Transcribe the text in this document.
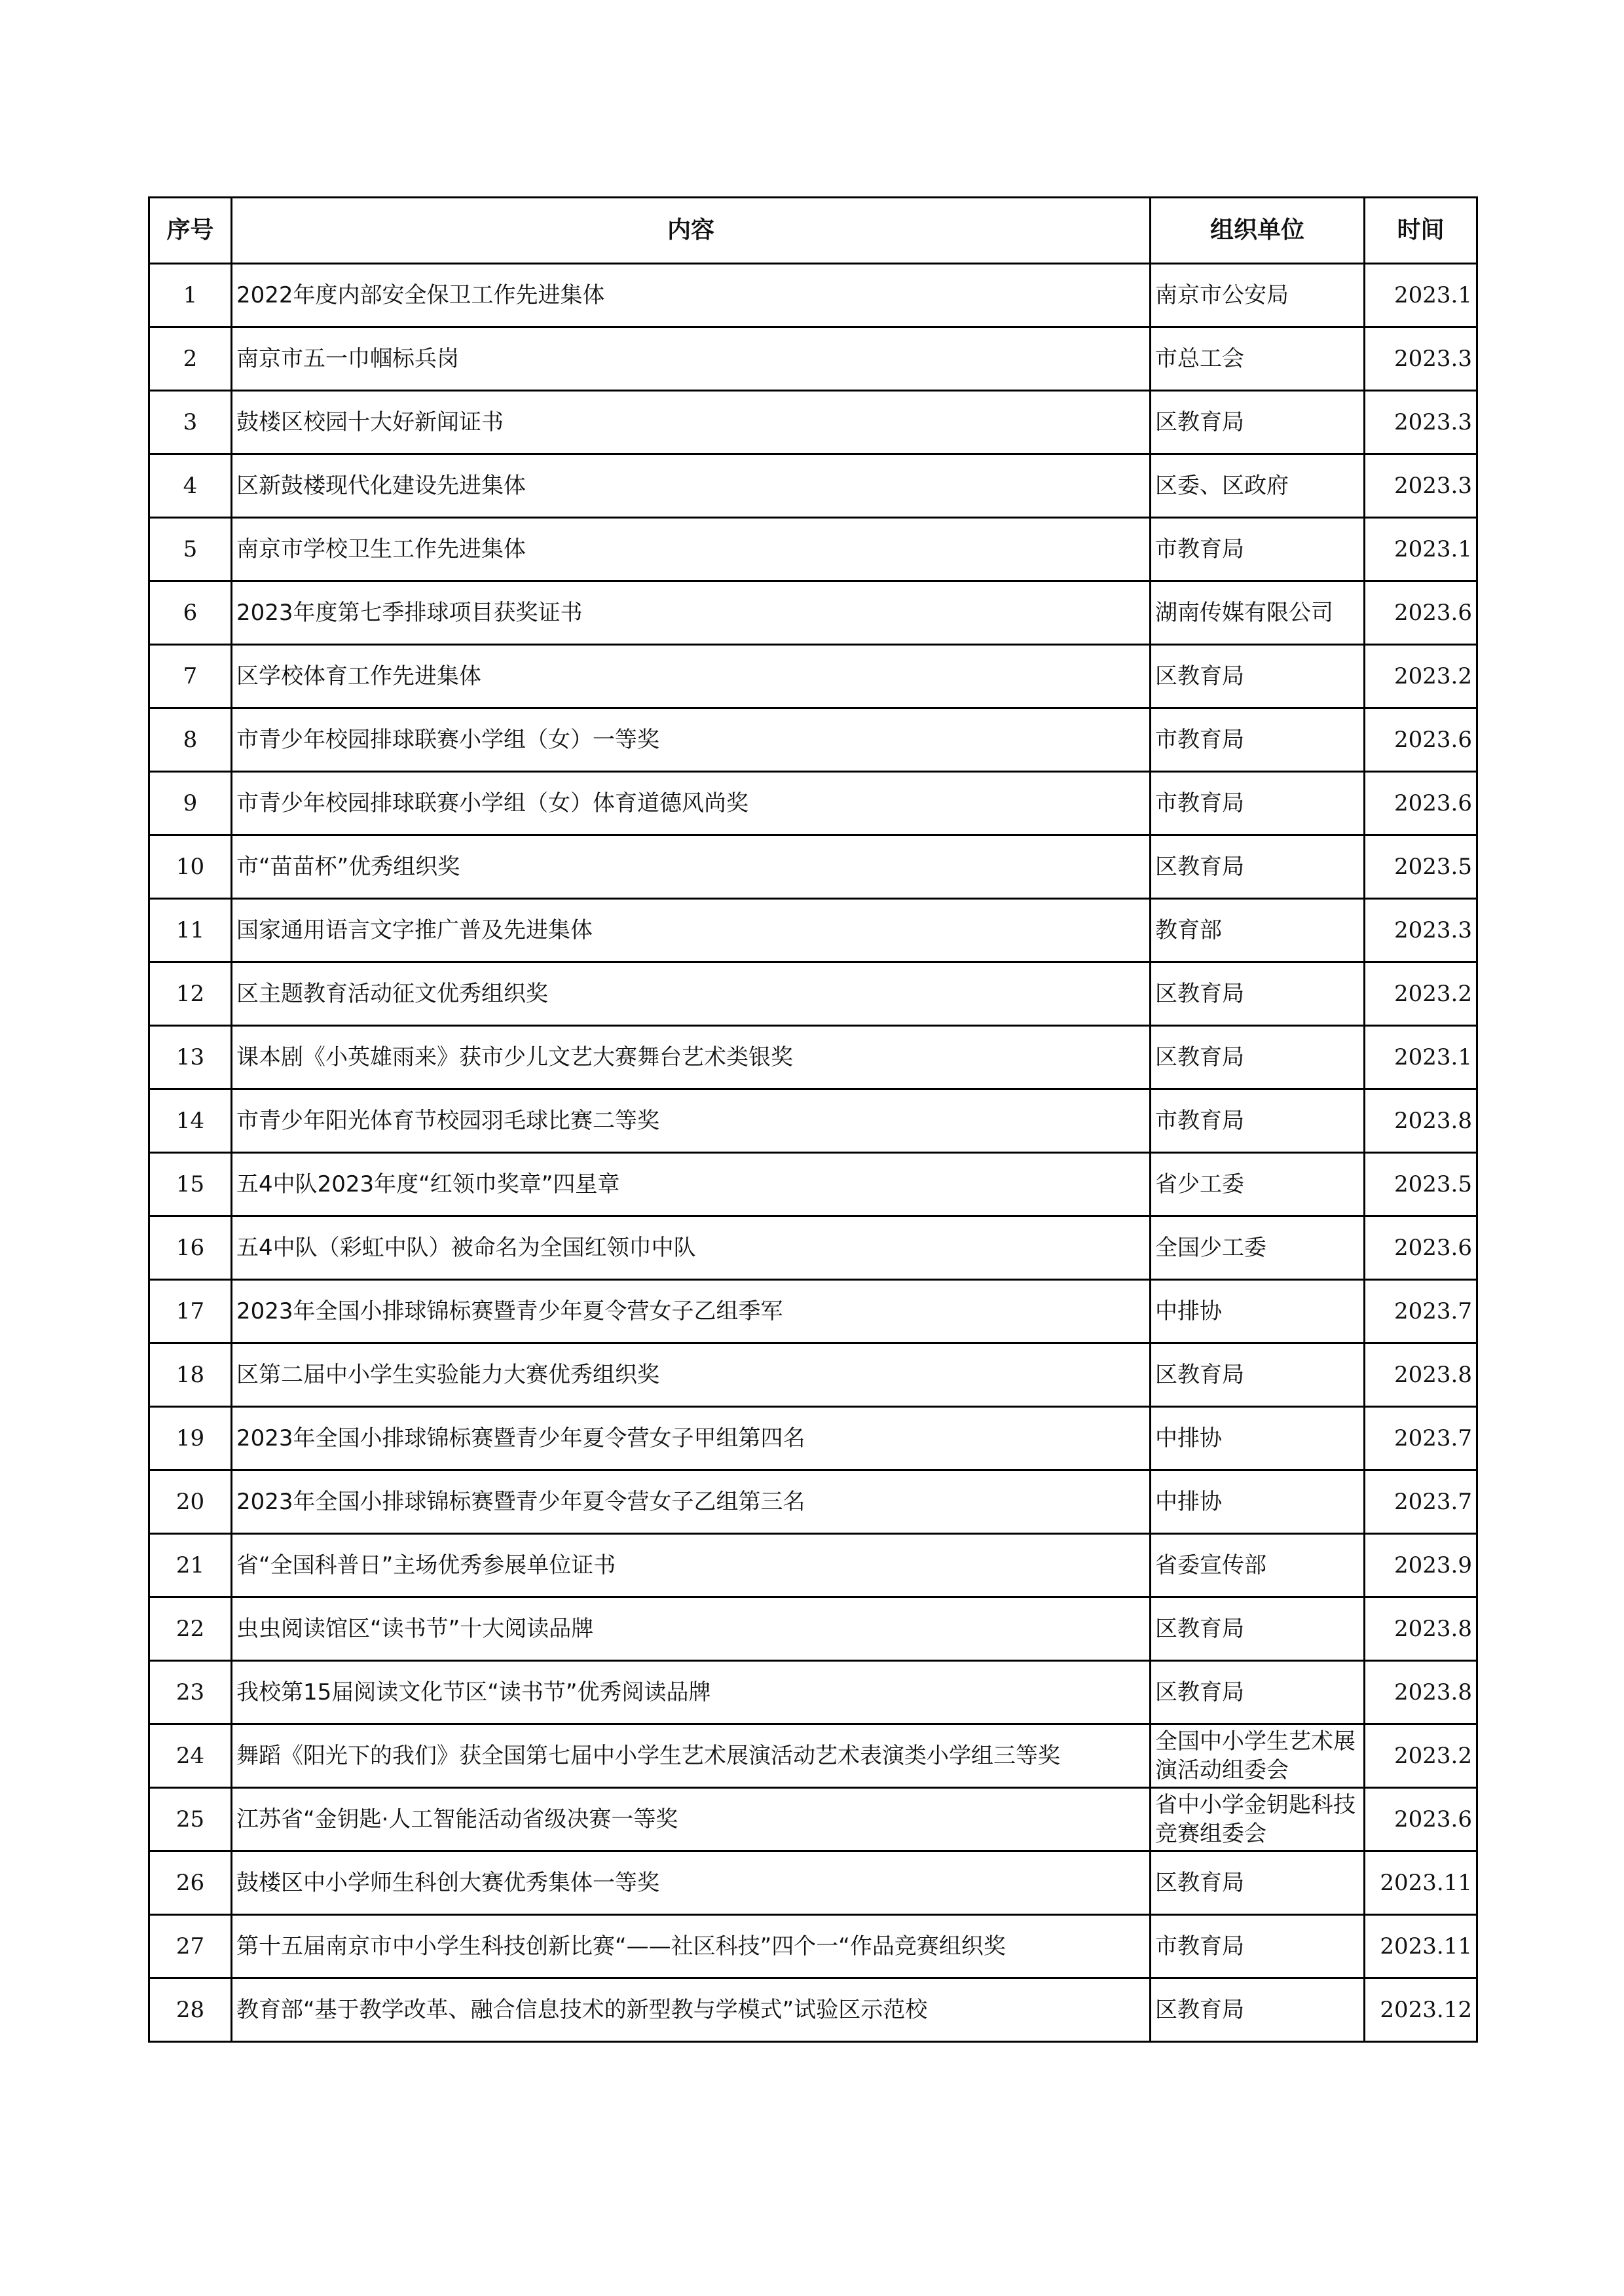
序号	内容	组织单位	时间
1	2022年度内部安全保卫工作先进集体	南京市公安局	2023.1
2	南京市五一巾帼标兵岗	市总工会	2023.3
3	鼓楼区校园十大好新闻证书	区教育局	2023.3
4	区新鼓楼现代化建设先进集体	区委、区政府	2023.3
5	南京市学校卫生工作先进集体	市教育局	2023.1
6	2023年度第七季排球项目获奖证书	湖南传媒有限公司	2023.6
7	区学校体育工作先进集体	区教育局	2023.2
8	市青少年校园排球联赛小学组（女）一等奖	市教育局	2023.6
9	市青少年校园排球联赛小学组（女）体育道德风尚奖	市教育局	2023.6
10	市“苗苗杯”优秀组织奖	区教育局	2023.5
11	国家通用语言文字推广普及先进集体	教育部	2023.3
12	区主题教育活动征文优秀组织奖	区教育局	2023.2
13	课本剧《小英雄雨来》获市少儿文艺大赛舞台艺术类银奖	区教育局	2023.1
14	市青少年阳光体育节校园羽毛球比赛二等奖	市教育局	2023.8
15	五4中队2023年度“红领巾奖章”四星章	省少工委	2023.5
16	五4中队（彩虹中队）被命名为全国红领巾中队	全国少工委	2023.6
17	2023年全国小排球锦标赛暨青少年夏令营女子乙组季军	中排协	2023.7
18	区第二届中小学生实验能力大赛优秀组织奖	区教育局	2023.8
19	2023年全国小排球锦标赛暨青少年夏令营女子甲组第四名	中排协	2023.7
20	2023年全国小排球锦标赛暨青少年夏令营女子乙组第三名	中排协	2023.7
21	省“全国科普日”主场优秀参展单位证书	省委宣传部	2023.9
22	虫虫阅读馆区“读书节”十大阅读品牌	区教育局	2023.8
23	我校第15届阅读文化节区“读书节”优秀阅读品牌	区教育局	2023.8
24	舞蹈《阳光下的我们》获全国第七届中小学生艺术展演活动艺术表演类小学组三等奖	全国中小学生艺术展演活动组委会	2023.2
25	江苏省“金钥匙·人工智能活动省级决赛一等奖	省中小学金钥匙科技竞赛组委会	2023.6
26	鼓楼区中小学师生科创大赛优秀集体一等奖	区教育局	2023.11
27	第十五届南京市中小学生科技创新比赛“——社区科技”四个一“作品竞赛组织奖	市教育局	2023.11
28	教育部“基于教学改革、融合信息技术的新型教与学模式”试验区示范校	区教育局	2023.12
